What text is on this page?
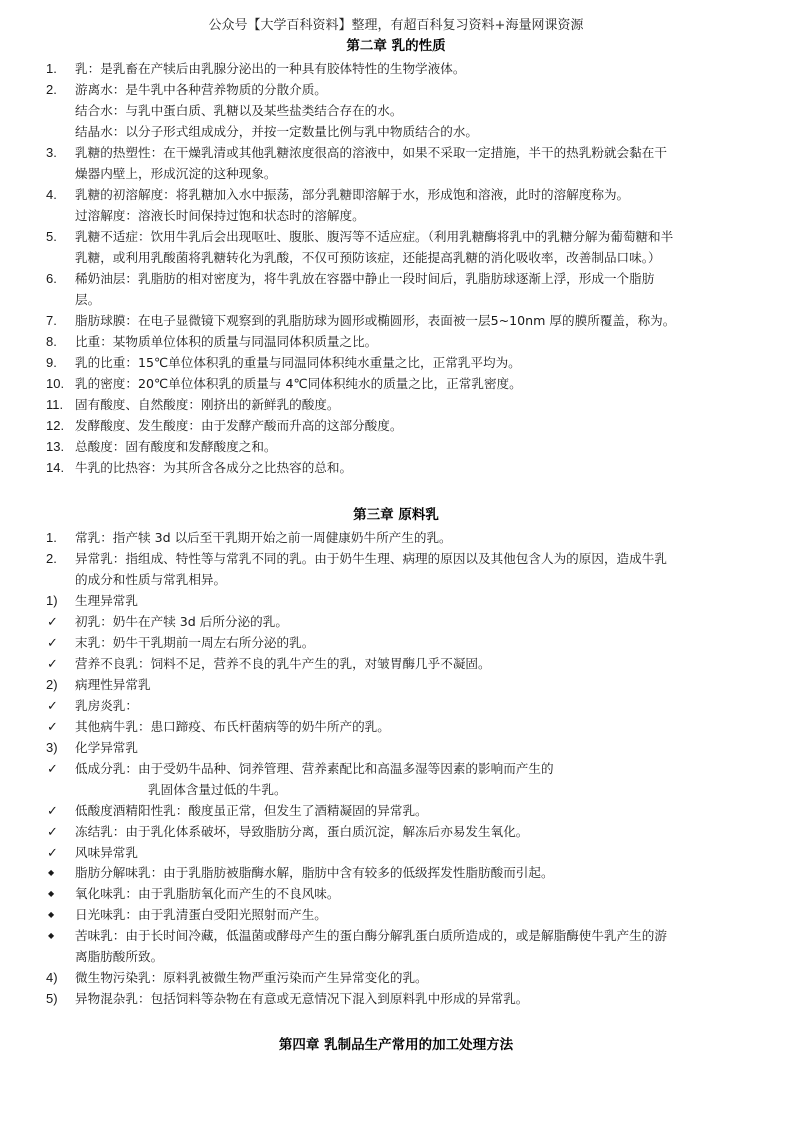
公众号【大学百科资料】整理，有超百科复习资料+海量网课资源
第二章 乳的性质
1.	乳：是乳畜在产犊后由乳腺分泌出的一种具有胶体特性的生物学液体。
2.	游离水：是牛乳中各种营养物质的分散介质。
结合水：与乳中蛋白质、乳糖以及某些盐类结合存在的水。
结晶水：以分子形式组成成分，并按一定数量比例与乳中物质结合的水。
3.	乳糖的热塑性：在干燥乳清或其他乳糖浓度很高的溶液中，如果不采取一定措施，半干的热乳粉就会黏在干
燥器内壁上，形成沉淀的这种现象。
4.	乳糖的初溶解度：将乳糖加入水中振荡，部分乳糖即溶解于水，形成饱和溶液，此时的溶解度称为。
过溶解度：溶液长时间保持过饱和状态时的溶解度。
5.	乳糖不适症：饮用牛乳后会出现呕吐、腹胀、腹泻等不适应症。（利用乳糖酶将乳中的乳糖分解为葡萄糖和半
乳糖，或利用乳酸菌将乳糖转化为乳酸，不仅可预防该症，还能提高乳糖的消化吸收率，改善制品口味。）
6.	稀奶油层：乳脂肪的相对密度为，将牛乳放在容器中静止一段时间后，乳脂肪球逐渐上浮，形成一个脂肪
层。
7.	脂肪球膜：在电子显微镜下观察到的乳脂肪球为圆形或椭圆形，表面被一层5~10nm 厚的膜所覆盖，称为。
8.	比重：某物质单位体积的质量与同温同体积质量之比。
9.	乳的比重：15℃单位体积乳的重量与同温同体积纯水重量之比，正常乳平均为。
10. 乳的密度：20℃单位体积乳的质量与 4℃同体积纯水的质量之比，正常乳密度。
11. 固有酸度、自然酸度：刚挤出的新鲜乳的酸度。
12. 发酵酸度、发生酸度：由于发酵产酸而升高的这部分酸度。
13. 总酸度：固有酸度和发酵酸度之和。
14. 牛乳的比热容：为其所含各成分之比热容的总和。
第三章 原料乳
1.	常乳：指产犊 3d 以后至干乳期开始之前一周健康奶牛所产生的乳。
2.	异常乳：指组成、特性等与常乳不同的乳。由于奶牛生理、病理的原因以及其他包含人为的原因，造成牛乳
的成分和性质与常乳相异。
1)	生理异常乳
✓	初乳：奶牛在产犊 3d 后所分泌的乳。
✓	末乳：奶牛干乳期前一周左右所分泌的乳。
✓	营养不良乳：饲料不足，营养不良的乳牛产生的乳，对皱胃酶几乎不凝固。
2)	病理性异常乳
✓	乳房炎乳：
✓	其他病牛乳：患口蹄疫、布氏杆菌病等的奶牛所产的乳。
3)	化学异常乳
✓	低成分乳：由于受奶牛品种、饲养管理、营养素配比和高温多湿等因素的影响而产生的
乳固体含量过低的牛乳。
✓	低酸度酒精阳性乳：酸度虽正常，但发生了酒精凝固的异常乳。
✓	冻结乳：由于乳化体系破坏，导致脂肪分离，蛋白质沉淀，解冻后亦易发生氧化。
✓	风味异常乳
◆	脂肪分解味乳：由于乳脂肪被脂酶水解，脂肪中含有较多的低级挥发性脂肪酸而引起。
◆	氧化味乳：由于乳脂肪氧化而产生的不良风味。
◆	日光味乳：由于乳清蛋白受阳光照射而产生。
◆	苦味乳：由于长时间冷藏，低温菌或酵母产生的蛋白酶分解乳蛋白质所造成的，或是解脂酶使牛乳产生的游
离脂肪酸所致。
4)	微生物污染乳：原料乳被微生物严重污染而产生异常变化的乳。
5)	异物混杂乳：包括饲料等杂物在有意或无意情况下混入到原料乳中形成的异常乳。
第四章 乳制品生产常用的加工处理方法
